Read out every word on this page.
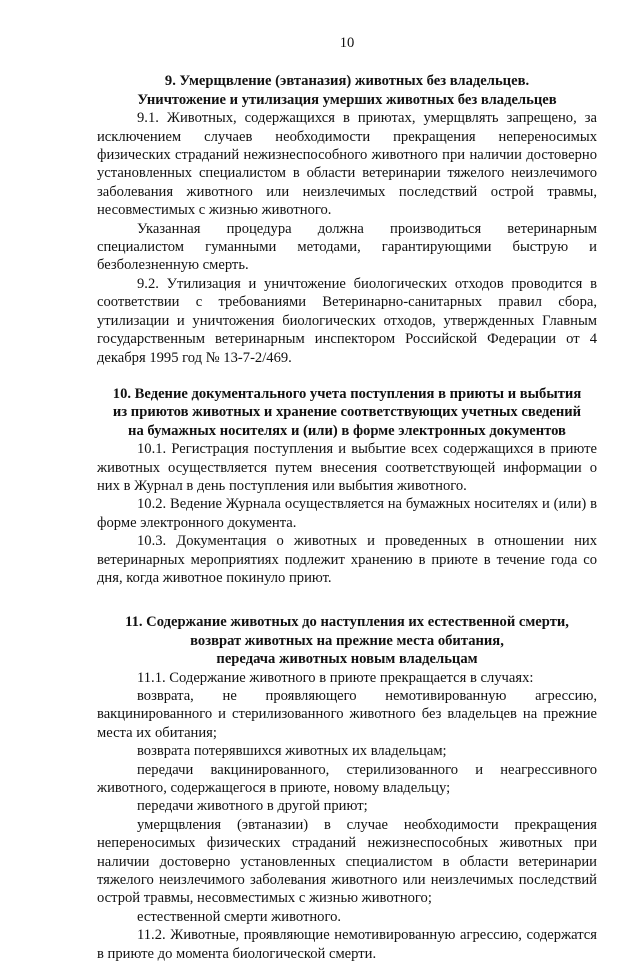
10
9. Умерщвление (эвтаназия) животных без владельцев.
Уничтожение и утилизация умерших животных без владельцев

9.1. Животных, содержащихся в приютах, умерщвлять запрещено, за исключением случаев необходимости прекращения непереносимых физических страданий нежизнеспособного животного при наличии достоверно установленных специалистом в области ветеринарии тяжелого неизлечимого заболевания животного или неизлечимых последствий острой травмы, несовместимых с жизнью животного.

Указанная процедура должна производиться ветеринарным специалистом гуманными методами, гарантирующими быструю и безболезненную смерть.

9.2. Утилизация и уничтожение биологических отходов проводится в соответствии с требованиями Ветеринарно-санитарных правил сбора, утилизации и уничтожения биологических отходов, утвержденных Главным государственным ветеринарным инспектором Российской Федерации от 4 декабря 1995 год № 13-7-2/469.

10. Ведение документального учета поступления в приюты и выбытия
из приютов животных и хранение соответствующих учетных сведений
на бумажных носителях и (или) в форме электронных документов

10.1. Регистрация поступления и выбытие всех содержащихся в приюте животных осуществляется путем внесения соответствующей информации о них в Журнал в день поступления или выбытия животного.

10.2. Ведение Журнала осуществляется на бумажных носителях и (или) в форме электронного документа.

10.3. Документация о животных и проведенных в отношении них ветеринарных мероприятиях подлежит хранению в приюте в течение года со дня, когда животное покинуло приют.

11. Содержание животных до наступления их естественной смерти,
возврат животных на прежние места обитания,
передача животных новым владельцам

11.1. Содержание животного в приюте прекращается в случаях:

возврата, не проявляющего немотивированную агрессию, вакцинированного и стерилизованного животного без владельцев на прежние места их обитания;

возврата потерявшихся животных их владельцам;

передачи вакцинированного, стерилизованного и неагрессивного животного, содержащегося в приюте, новому владельцу;

передачи животного в другой приют;

умерщвления (эвтаназии) в случае необходимости прекращения непереносимых физических страданий нежизнеспособных животных при наличии достоверно установленных специалистом в области ветеринарии тяжелого неизлечимого заболевания животного или неизлечимых последствий острой травмы, несовместимых с жизнью животного;

естественной смерти животного.

11.2. Животные, проявляющие немотивированную агрессию, содержатся в приюте до момента биологической смерти.
